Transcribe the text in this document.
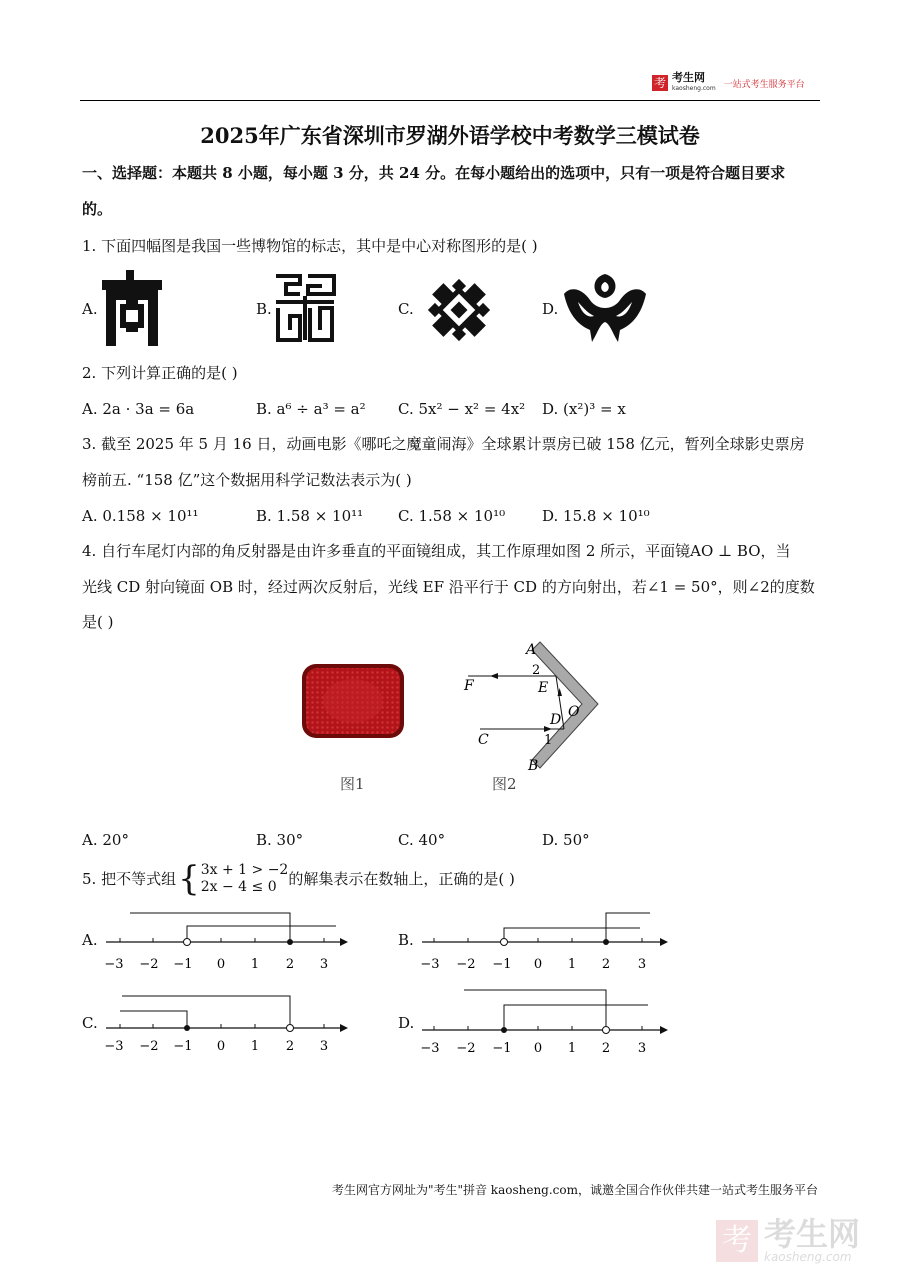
考 考生网
kaosheng.com 一站式考生服务平台
2025年广东省深圳市罗湖外语学校中考数学三模试卷
一、选择题：本题共 8 小题，每小题 3 分，共 24 分。在每小题给出的选项中，只有一项是符合题目要求
的。
1. 下面四幅图是我国一些博物馆的标志，其中是中心对称图形的是( )
A.	B.	C.	D.
2. 下列计算正确的是( )
A. 2a · 3a = 6a	B. a⁶ ÷ a³ = a² C. 5x² − x² = 4x² D. (x²)³ = x
3. 截至 2025 年 5 月 16 日，动画电影《哪吒之魔童闹海》全球累计票房已破 158 亿元，暂列全球影史票房
榜前五. “158 亿”这个数据用科学记数法表示为( )
A. 0.158 × 10¹¹	B. 1.58 × 10¹¹ C. 1.58 × 10¹⁰ D. 15.8 × 10¹⁰
4. 自行车尾灯内部的角反射器是由许多垂直的平面镜组成，其工作原理如图 2 所示，平面镜AO ⊥ BO，当
光线 CD 射向镜面 OB 时，经过两次反射后，光线 EF 沿平行于 CD 的方向射出，若∠1 = 50°，则∠2的度数
是( )
图1
A
2
F	E
O
D
C	1
B
图2
A. 20°	B. 30°	C. 40°	D. 50°
5. 把不等式组 { 3x + 1 > −2
2x − 4 ≤ 0 的解集表示在数轴上，正确的是( )
A.
−3 −2 −1 0 1 2 3
B.
−3 −2 −1 0 1 2 3
C.
−3 −2 −1 0 1 2 3
D.
−3 −2 −1 0 1 2 3
考生网官方网址为"考生"拼音 kaosheng.com，诚邀全国合作伙伴共建一站式考生服务平台
考 考生网
kaosheng.com
